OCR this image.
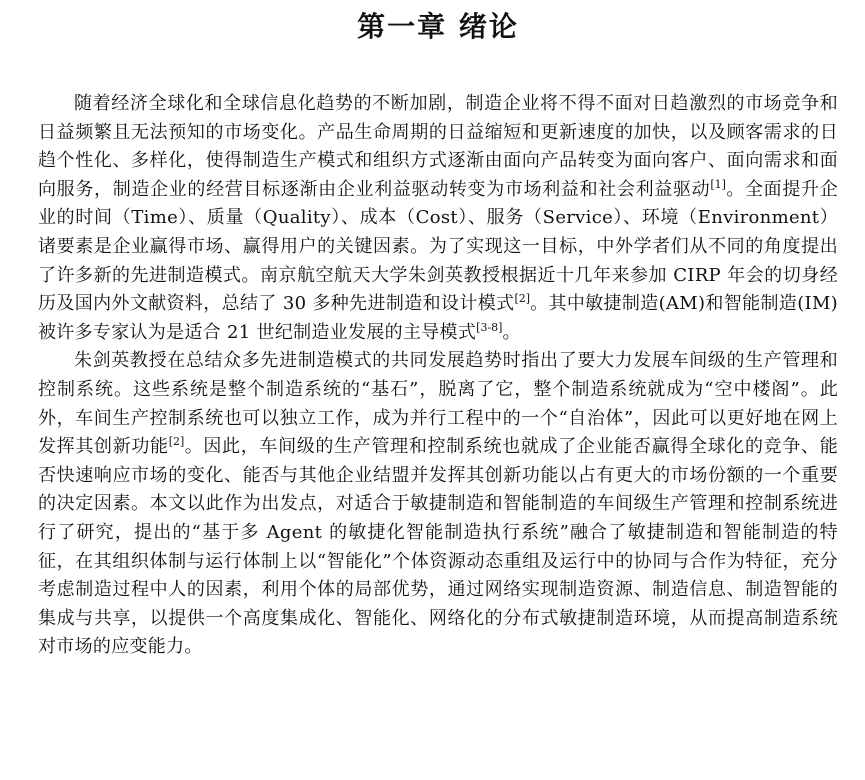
第一章 绪论

随着经济全球化和全球信息化趋势的不断加剧，制造企业将不得不面对日趋激烈的市场竞争和日益频繁且无法预知的市场变化。产品生命周期的日益缩短和更新速度的加快，以及顾客需求的日趋个性化、多样化，使得制造生产模式和组织方式逐渐由面向产品转变为面向客户、面向需求和面向服务，制造企业的经营目标逐渐由企业利益驱动转变为市场利益和社会利益驱动[1]。全面提升企业的时间（Time）、质量（Quality）、成本（Cost）、服务（Service）、环境（Environment）诸要素是企业赢得市场、赢得用户的关键因素。为了实现这一目标，中外学者们从不同的角度提出了许多新的先进制造模式。南京航空航天大学朱剑英教授根据近十几年来参加 CIRP 年会的切身经历及国内外文献资料，总结了 30 多种先进制造和设计模式[2]。其中敏捷制造(AM)和智能制造(IM)被许多专家认为是适合 21 世纪制造业发展的主导模式[3-8]。

朱剑英教授在总结众多先进制造模式的共同发展趋势时指出了要大力发展车间级的生产管理和控制系统。这些系统是整个制造系统的“基石”，脱离了它，整个制造系统就成为“空中楼阁”。此外，车间生产控制系统也可以独立工作，成为并行工程中的一个“自治体”，因此可以更好地在网上发挥其创新功能[2]。因此，车间级的生产管理和控制系统也就成了企业能否赢得全球化的竞争、能否快速响应市场的变化、能否与其他企业结盟并发挥其创新功能以占有更大的市场份额的一个重要的决定因素。本文以此作为出发点，对适合于敏捷制造和智能制造的车间级生产管理和控制系统进行了研究，提出的“基于多 Agent 的敏捷化智能制造执行系统”融合了敏捷制造和智能制造的特征，在其组织体制与运行体制上以“智能化”个体资源动态重组及运行中的协同与合作为特征，充分考虑制造过程中人的因素，利用个体的局部优势，通过网络实现制造资源、制造信息、制造智能的集成与共享，以提供一个高度集成化、智能化、网络化的分布式敏捷制造环境，从而提高制造系统对市场的应变能力。
